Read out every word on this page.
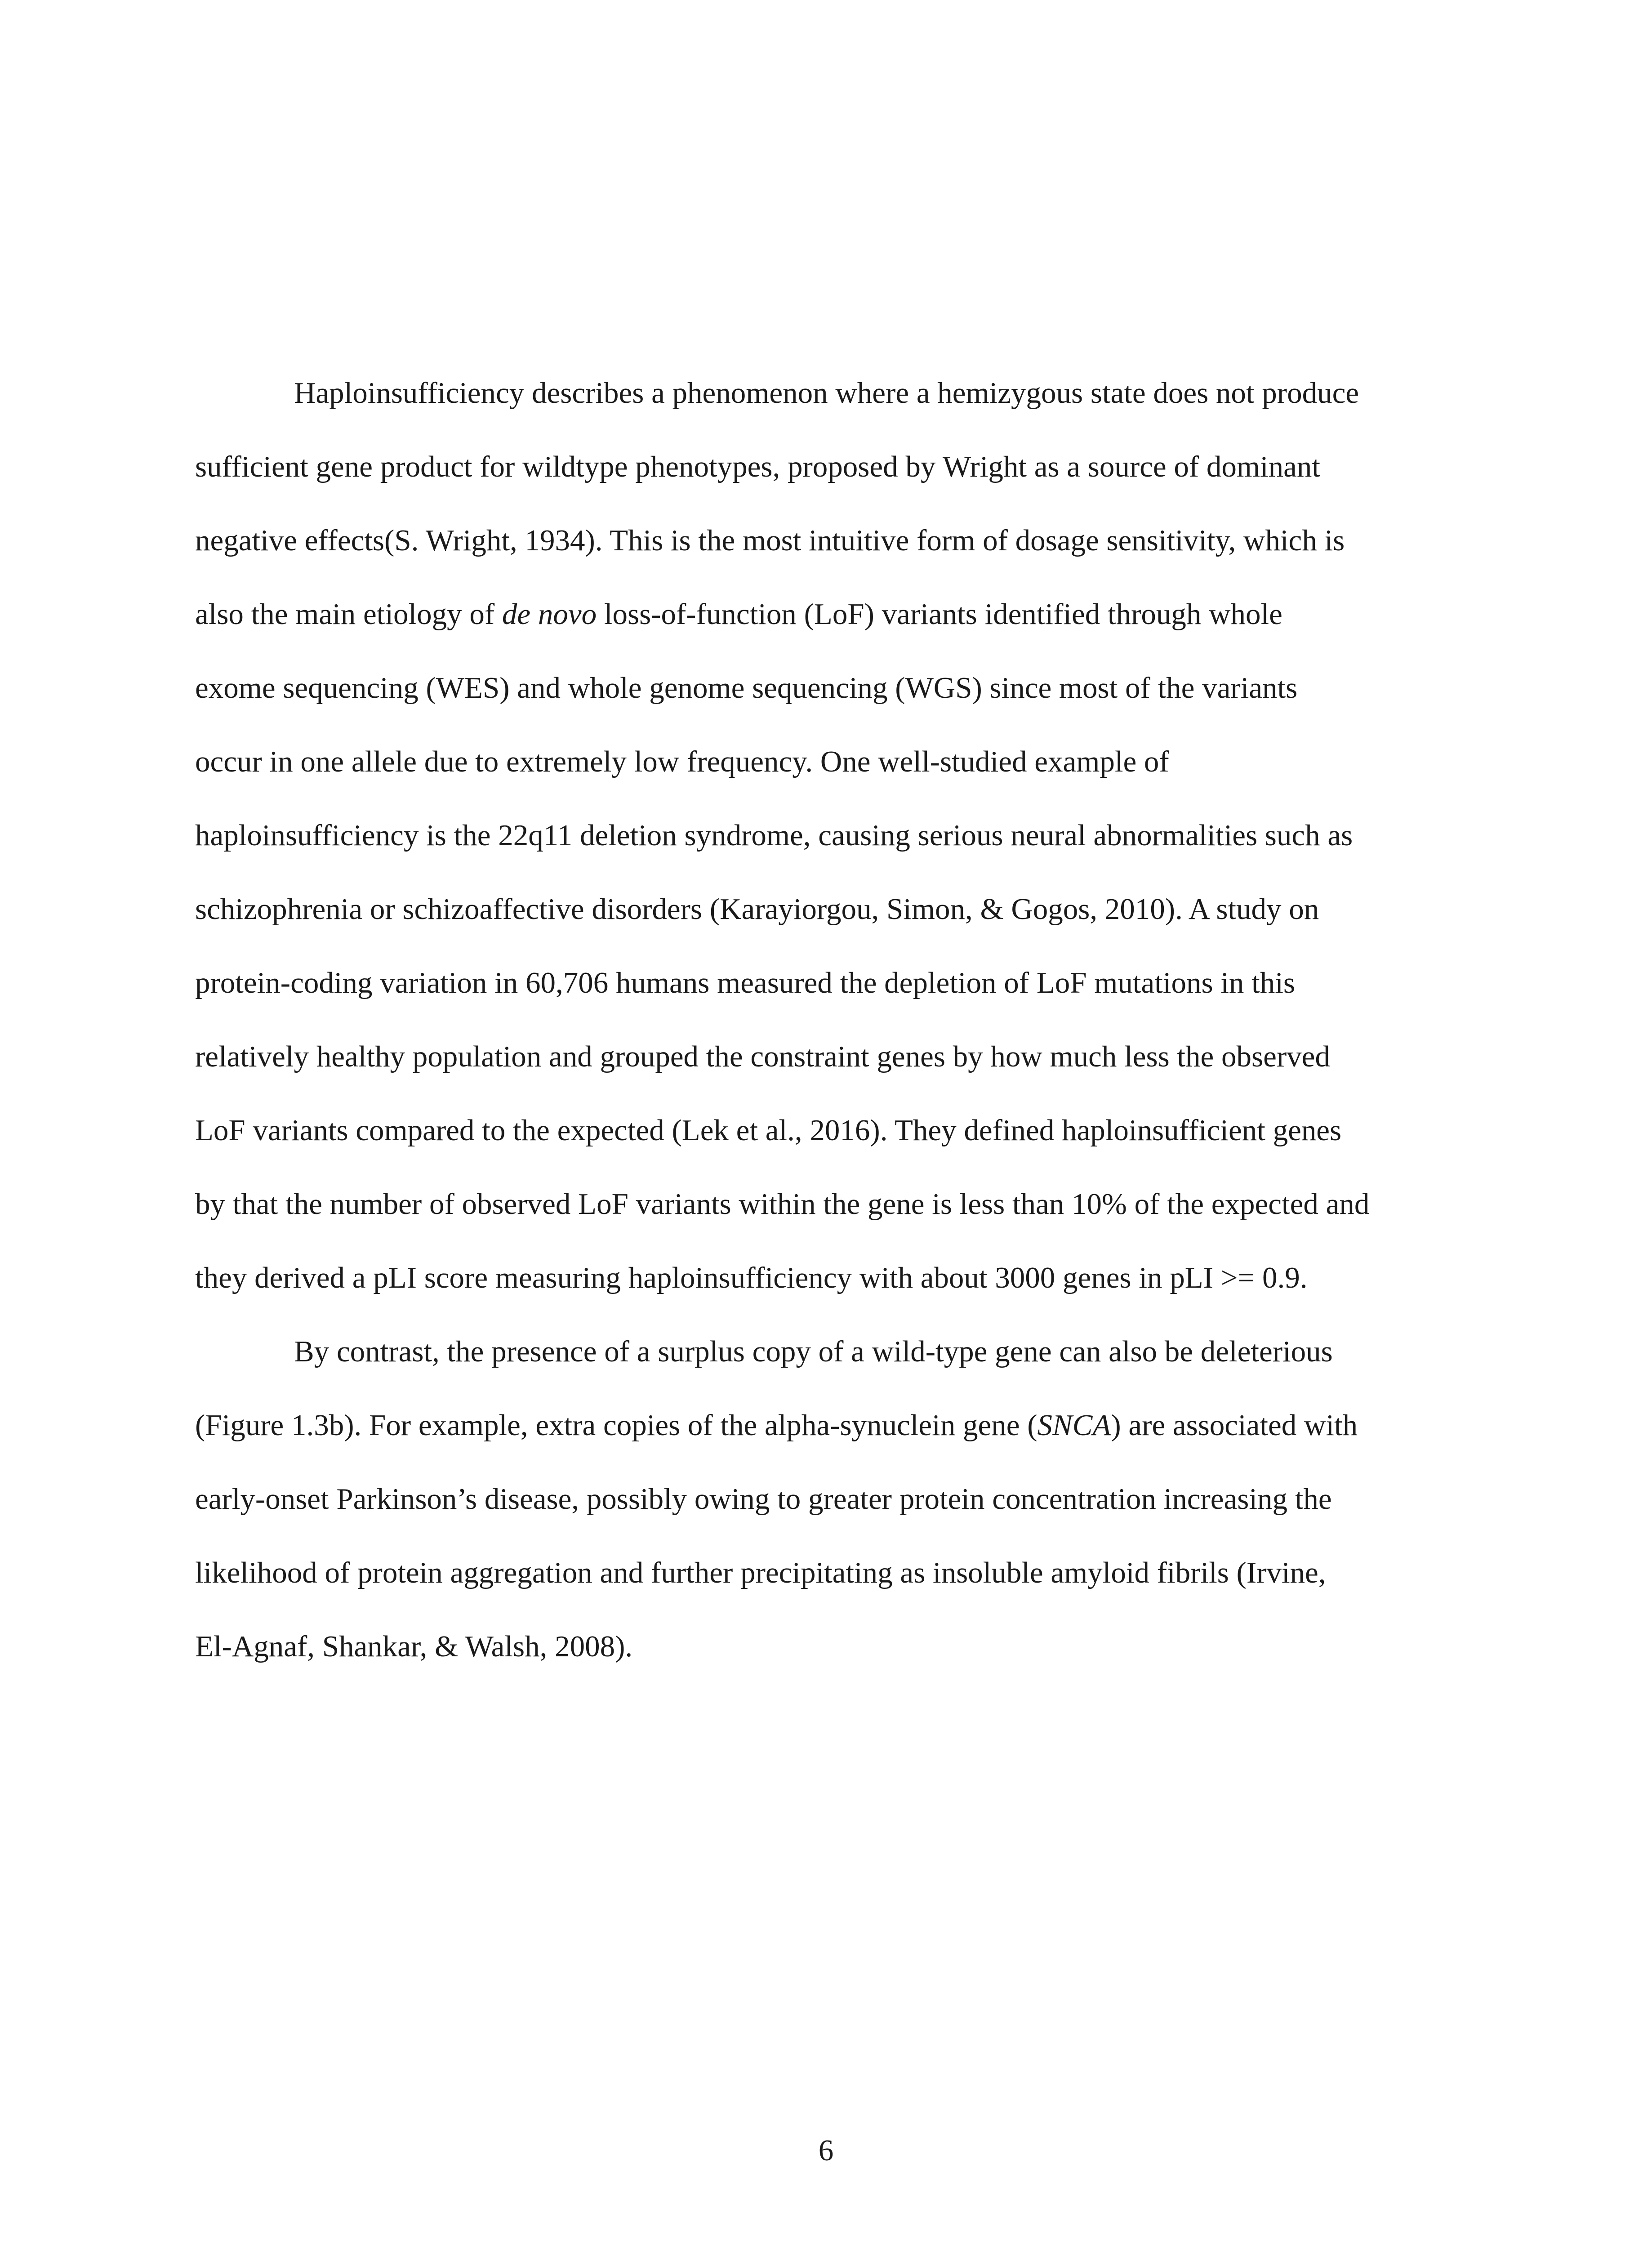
Haploinsufficiency describes a phenomenon where a hemizygous state does not produce
sufficient gene product for wildtype phenotypes, proposed by Wright as a source of dominant
negative effects(S. Wright, 1934). This is the most intuitive form of dosage sensitivity, which is
also the main etiology of de novo loss-of-function (LoF) variants identified through whole
exome sequencing (WES) and whole genome sequencing (WGS) since most of the variants
occur in one allele due to extremely low frequency. One well-studied example of
haploinsufficiency is the 22q11 deletion syndrome, causing serious neural abnormalities such as
schizophrenia or schizoaffective disorders (Karayiorgou, Simon, & Gogos, 2010). A study on
protein-coding variation in 60,706 humans measured the depletion of LoF mutations in this
relatively healthy population and grouped the constraint genes by how much less the observed
LoF variants compared to the expected (Lek et al., 2016). They defined haploinsufficient genes
by that the number of observed LoF variants within the gene is less than 10% of the expected and
they derived a pLI score measuring haploinsufficiency with about 3000 genes in pLI >= 0.9.
By contrast, the presence of a surplus copy of a wild-type gene can also be deleterious
(Figure 1.3b). For example, extra copies of the alpha-synuclein gene (SNCA) are associated with
early-onset Parkinson’s disease, possibly owing to greater protein concentration increasing the
likelihood of protein aggregation and further precipitating as insoluble amyloid fibrils (Irvine,
El-Agnaf, Shankar, & Walsh, 2008).
6
